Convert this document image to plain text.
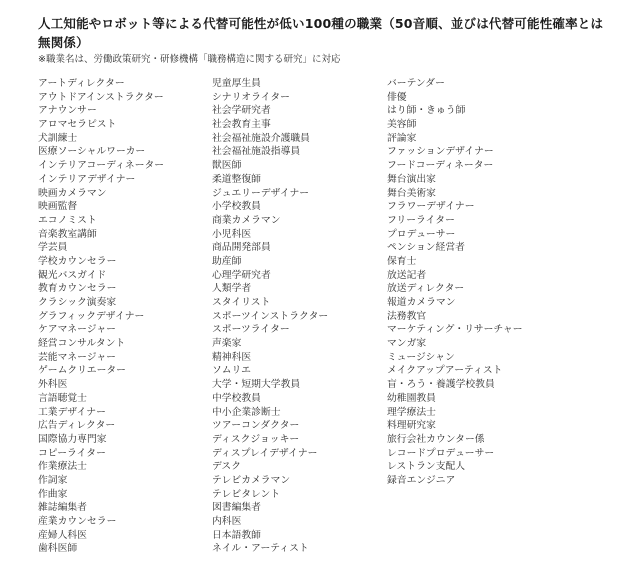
人工知能やロボット等による代替可能性が低い100種の職業（50音順、並びは代替可能性確率とは無関係）
※職業名は、労働政策研究・研修機構「職務構造に関する研究」に対応
アートディレクター
アウトドアインストラクター
アナウンサー
アロマセラピスト
犬訓練士
医療ソーシャルワーカー
インテリアコーディネーター
インテリアデザイナー
映画カメラマン
映画監督
エコノミスト
音楽教室講師
学芸員
学校カウンセラー
観光バスガイド
教育カウンセラー
クラシック演奏家
グラフィックデザイナー
ケアマネージャー
経営コンサルタント
芸能マネージャー
ゲームクリエーター
外科医
言語聴覚士
工業デザイナー
広告ディレクター
国際協力専門家
コピーライター
作業療法士
作詞家
作曲家
雑誌編集者
産業カウンセラー
産婦人科医
歯科医師
児童厚生員
シナリオライター
社会学研究者
社会教育主事
社会福祉施設介護職員
社会福祉施設指導員
獣医師
柔道整復師
ジュエリーデザイナー
小学校教員
商業カメラマン
小児科医
商品開発部員
助産師
心理学研究者
人類学者
スタイリスト
スポーツインストラクター
スポーツライター
声楽家
精神科医
ソムリエ
大学・短期大学教員
中学校教員
中小企業診断士
ツアーコンダクター
ディスクジョッキー
ディスプレイデザイナー
デスク
テレビカメラマン
テレビタレント
図書編集者
内科医
日本語教師
ネイル・アーティスト
バーテンダー
俳優
はり師・きゅう師
美容師
評論家
ファッションデザイナー
フードコーディネーター
舞台演出家
舞台美術家
フラワーデザイナー
フリーライター
プロデューサー
ペンション経営者
保育士
放送記者
放送ディレクター
報道カメラマン
法務教官
マーケティング・リサーチャー
マンガ家
ミュージシャン
メイクアップアーティスト
盲・ろう・養護学校教員
幼稚園教員
理学療法士
料理研究家
旅行会社カウンター係
レコードプロデューサー
レストラン支配人
録音エンジニア
